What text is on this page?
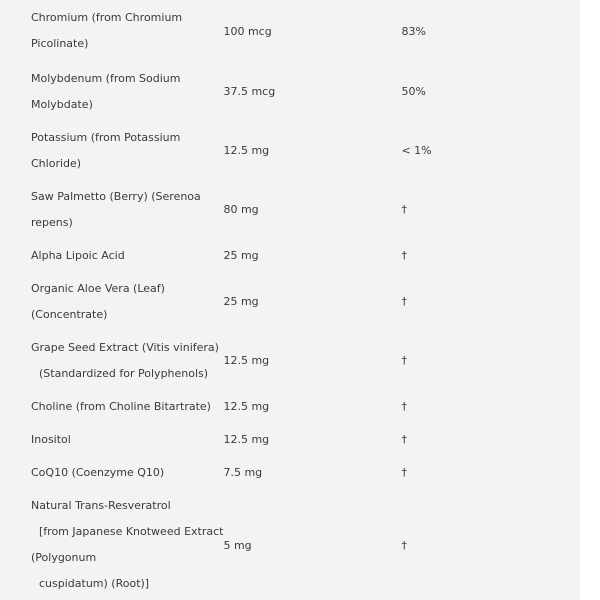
Chromium (from Chromium
Picolinate)	100 mcg	83%

Molybdenum (from Sodium
Molybdate)	37.5 mcg	50%

Potassium (from Potassium
Chloride)	12.5 mg	< 1%

Saw Palmetto (Berry) (Serenoa
repens)	80 mg	†

Alpha Lipoic Acid	25 mg	†

Organic Aloe Vera (Leaf)
(Concentrate)	25 mg	†

Grape Seed Extract (Vitis vinifera)
(Standardized for Polyphenols)	12.5 mg	†

Choline (from Choline Bitartrate)	12.5 mg	†

Inositol	12.5 mg	†

CoQ10 (Coenzyme Q10)	7.5 mg	†

Natural Trans-Resveratrol
[from Japanese Knotweed Extract
(Polygonum
cuspidatum) (Root)]	5 mg	†
